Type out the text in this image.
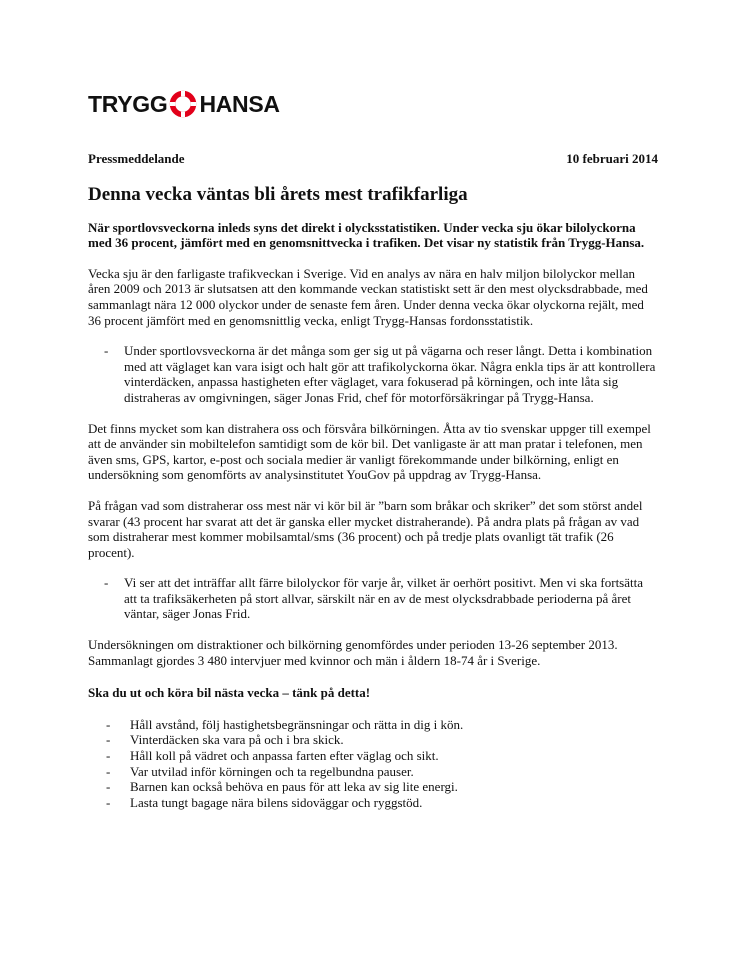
TRYGG HANSA
Pressmeddelande	10 februari 2014
Denna vecka väntas bli årets mest trafikfarliga

När sportlovsveckorna inleds syns det direkt i olycksstatistiken. Under vecka sju ökar bilolyckorna med 36 procent, jämfört med en genomsnittvecka i trafiken. Det visar ny statistik från Trygg-Hansa.

Vecka sju är den farligaste trafikveckan i Sverige. Vid en analys av nära en halv miljon bilolyckor mellan åren 2009 och 2013 är slutsatsen att den kommande veckan statistiskt sett är den mest olycksdrabbade, med sammanlagt nära 12 000 olyckor under de senaste fem åren. Under denna vecka ökar olyckorna rejält, med 36 procent jämfört med en genomsnittlig vecka, enligt Trygg-Hansas fordonsstatistik.

-	Under sportlovsveckorna är det många som ger sig ut på vägarna och reser långt. Detta i kombination med att väglaget kan vara isigt och halt gör att trafikolyckorna ökar. Några enkla tips är att kontrollera vinterdäcken, anpassa hastigheten efter väglaget, vara fokuserad på körningen, och inte låta sig distraheras av omgivningen, säger Jonas Frid, chef för motorförsäkringar på Trygg-Hansa.

Det finns mycket som kan distrahera oss och försvåra bilkörningen. Åtta av tio svenskar uppger till exempel att de använder sin mobiltelefon samtidigt som de kör bil. Det vanligaste är att man pratar i telefonen, men även sms, GPS, kartor, e-post och sociala medier är vanligt förekommande under bilkörning, enligt en undersökning som genomförts av analysinstitutet YouGov på uppdrag av Trygg-Hansa.

På frågan vad som distraherar oss mest när vi kör bil är ”barn som bråkar och skriker” det som störst andel svarar (43 procent har svarat att det är ganska eller mycket distraherande). På andra plats på frågan av vad som distraherar mest kommer mobilsamtal/sms (36 procent) och på tredje plats ovanligt tät trafik (26 procent).

-	Vi ser att det inträffar allt färre bilolyckor för varje år, vilket är oerhört positivt. Men vi ska fortsätta att ta trafiksäkerheten på stort allvar, särskilt när en av de mest olycksdrabbade perioderna på året väntar, säger Jonas Frid.

Undersökningen om distraktioner och bilkörning genomfördes under perioden 13-26 september 2013. Sammanlagt gjordes 3 480 intervjuer med kvinnor och män i åldern 18-74 år i Sverige.

Ska du ut och köra bil nästa vecka – tänk på detta!

-	Håll avstånd, följ hastighetsbegränsningar och rätta in dig i kön.
-	Vinterdäcken ska vara på och i bra skick.
-	Håll koll på vädret och anpassa farten efter väglag och sikt.
-	Var utvilad inför körningen och ta regelbundna pauser.
-	Barnen kan också behöva en paus för att leka av sig lite energi.
-	Lasta tungt bagage nära bilens sidoväggar och ryggstöd.
